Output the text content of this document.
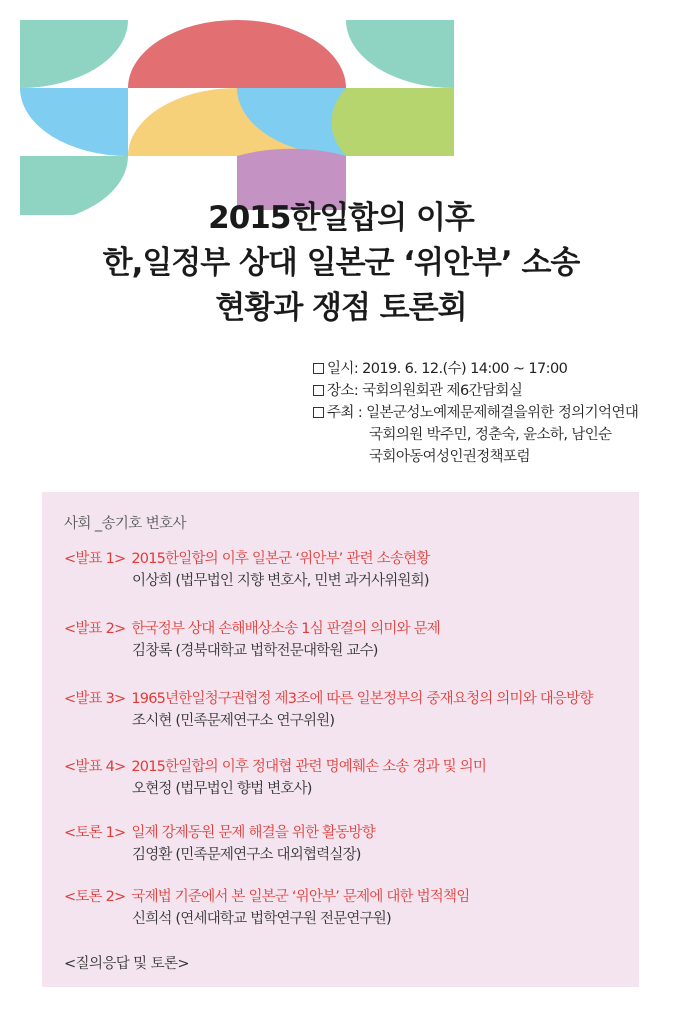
2015한일합의 이후
한,일정부 상대 일본군 ‘위안부’ 소송
현황과 쟁점 토론회
일시: 2019. 6. 12.(수) 14:00 ~ 17:00
장소: 국회의원회관 제6간담회실
주최 : 일본군성노예제문제해결을위한 정의기억연대
국회의원 박주민, 정춘숙, 윤소하, 남인순
국회아동여성인권정책포럼
사회 _송기호 변호사
<발표 1> 2015한일합의 이후 일본군 ‘위안부’ 관련 소송현황
이상희 (법무법인 지향 변호사, 민변 과거사위원회)
<발표 2> 한국정부 상대 손해배상소송 1심 판결의 의미와 문제
김창록 (경북대학교 법학전문대학원 교수)
<발표 3> 1965년한일청구권협정 제3조에 따른 일본정부의 중재요청의 의미와 대응방향
조시현 (민족문제연구소 연구위원)
<발표 4> 2015한일합의 이후 정대협 관련 명예훼손 소송 경과 및 의미
오현정 (법무법인 향법 변호사)
<토론 1> 일제 강제동원 문제 해결을 위한 활동방향
김영환 (민족문제연구소 대외협력실장)
<토론 2> 국제법 기준에서 본 일본군 ‘위안부’ 문제에 대한 법적책임
신희석 (연세대학교 법학연구원 전문연구원)
<질의응답 및 토론>
